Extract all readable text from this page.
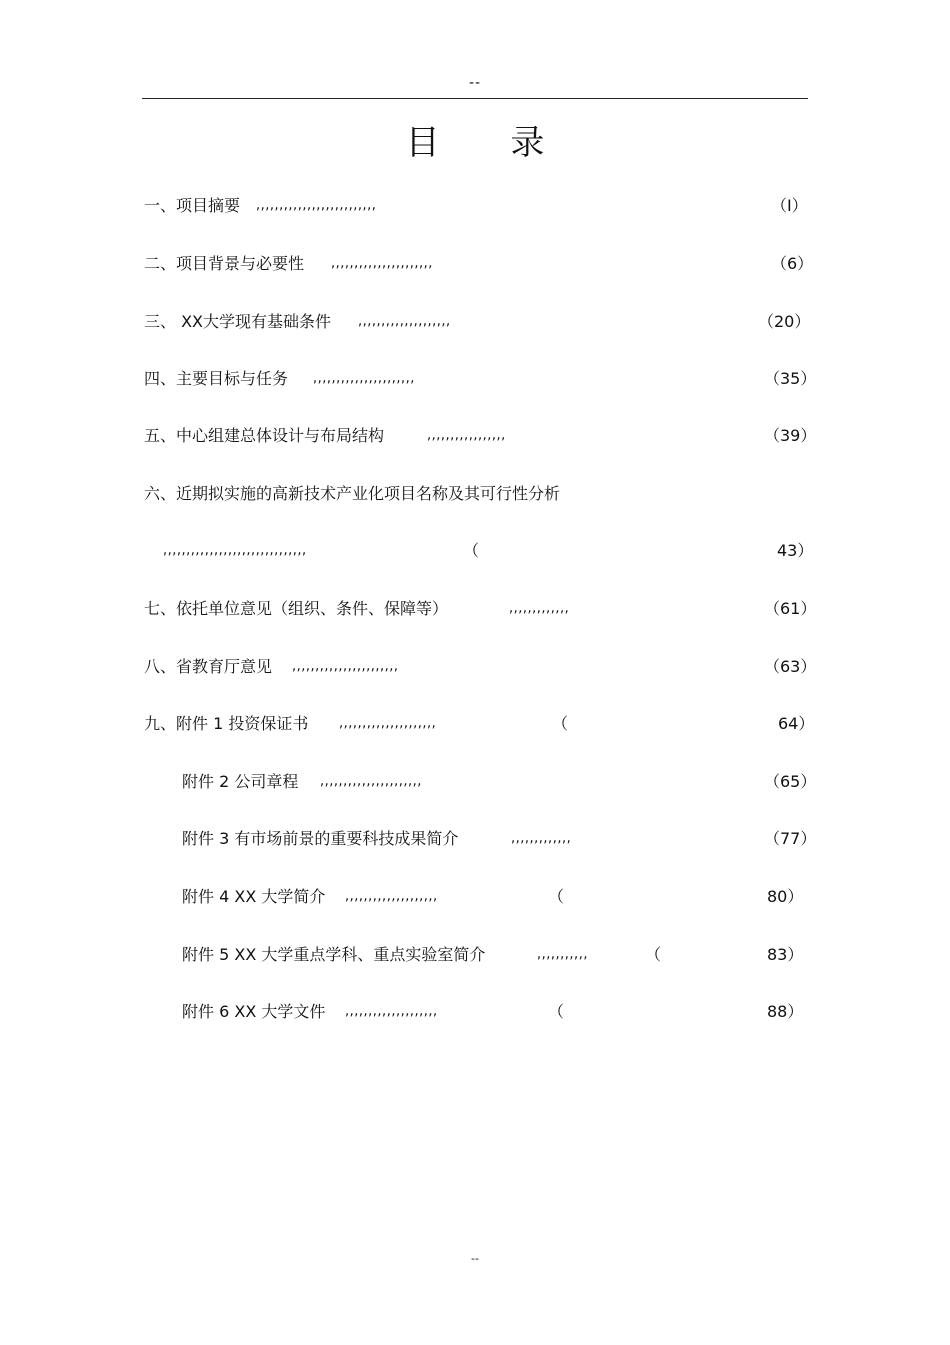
--
目 录
一、项目摘要 ,,,,,,,,,,,,,,,,,,,,,,,,,,	（I）
二、项目背景与必要性 ,,,,,,,,,,,,,,,,,,,,,,	（6）
三、 XX大学现有基础条件 ,,,,,,,,,,,,,,,,,,,,	（20）
四、主要目标与任务 ,,,,,,,,,,,,,,,,,,,,,,	（35）
五、中心组建总体设计与布局结构	,,,,,,,,,,,,,,,,,	（39）
六、近期拟实施的高新技术产业化项目名称及其可行性分析
,,,,,,,,,,,,,,,,,,,,,,,,,,,,,,,	（	43）
七、依托单位意见（组织、条件、保障等）	,,,,,,,,,,,,,	（61）
八、省教育厅意见 ,,,,,,,,,,,,,,,,,,,,,,,	（63）
九、附件 1 投资保证书 ,,,,,,,,,,,,,,,,,,,,,	（	64）
附件 2 公司章程 ,,,,,,,,,,,,,,,,,,,,,,	（65）
附件 3 有市场前景的重要科技成果简介	,,,,,,,,,,,,,	（77）
附件 4 XX 大学简介 ,,,,,,,,,,,,,,,,,,,,	（	80）
附件 5 XX 大学重点学科、重点实验室简介	,,,,,,,,,,,	（	83）
附件 6 XX 大学文件 ,,,,,,,,,,,,,,,,,,,,	（	88）
--
